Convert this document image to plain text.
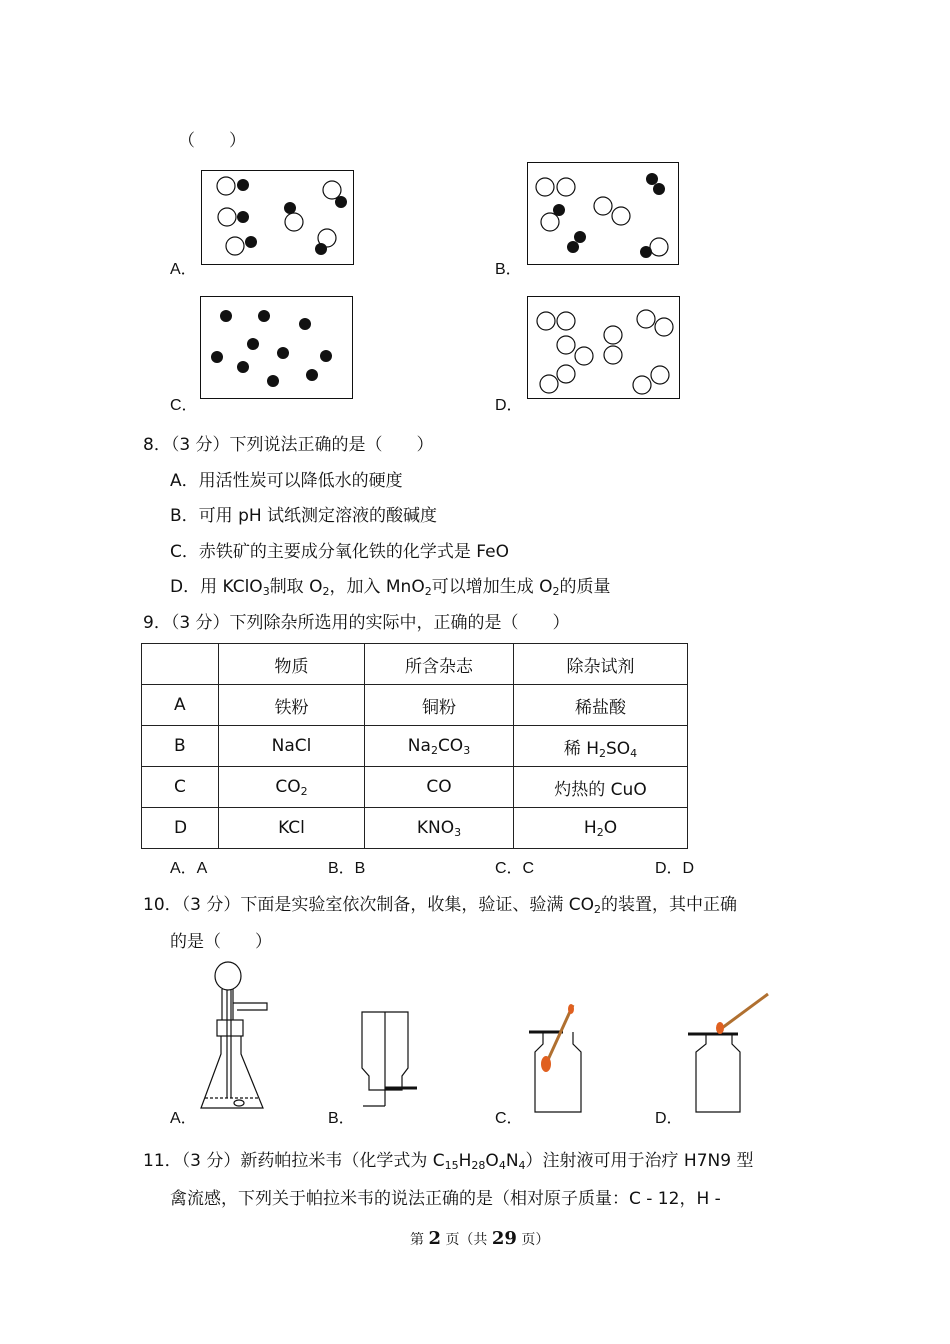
（　　）
A．	B．
C．	D．
8．（3 分）下列说法正确的是（　　）
A．用活性炭可以降低水的硬度
B．可用 pH 试纸测定溶液的酸碱度
C．赤铁矿的主要成分氧化铁的化学式是 FeO
D．用 KClO$_3$制取 $O_2$，加入 MnO$_2$可以增加生成 $O_2$的质量
9．（3 分）下列除杂所选用的实际中，正确的是（　　）
	物质	所含杂志	除杂试剂
A	铁粉	铜粉	稀盐酸
B	NaCl	$Na_2CO_3$	稀 $H_2SO_4$
C	$CO_2$	CO	灼热的 CuO
D	KCl	$KNO_3$	$H_2O$
A．A	B．B	C．C	D．D
10．（3 分）下面是实验室依次制备，收集，验证、验满 $CO_2$的装置，其中正确
的是（　　）
A．	B．	C．	D．
11．（3 分）新药帕拉米韦（化学式为 $C_{15}H_{28}O_4N_4$）注射液可用于治疗 H7N9 型
禽流感，下列关于帕拉米韦的说法正确的是（相对原子质量：C - 12，H -
第 2 页（共 29 页）
